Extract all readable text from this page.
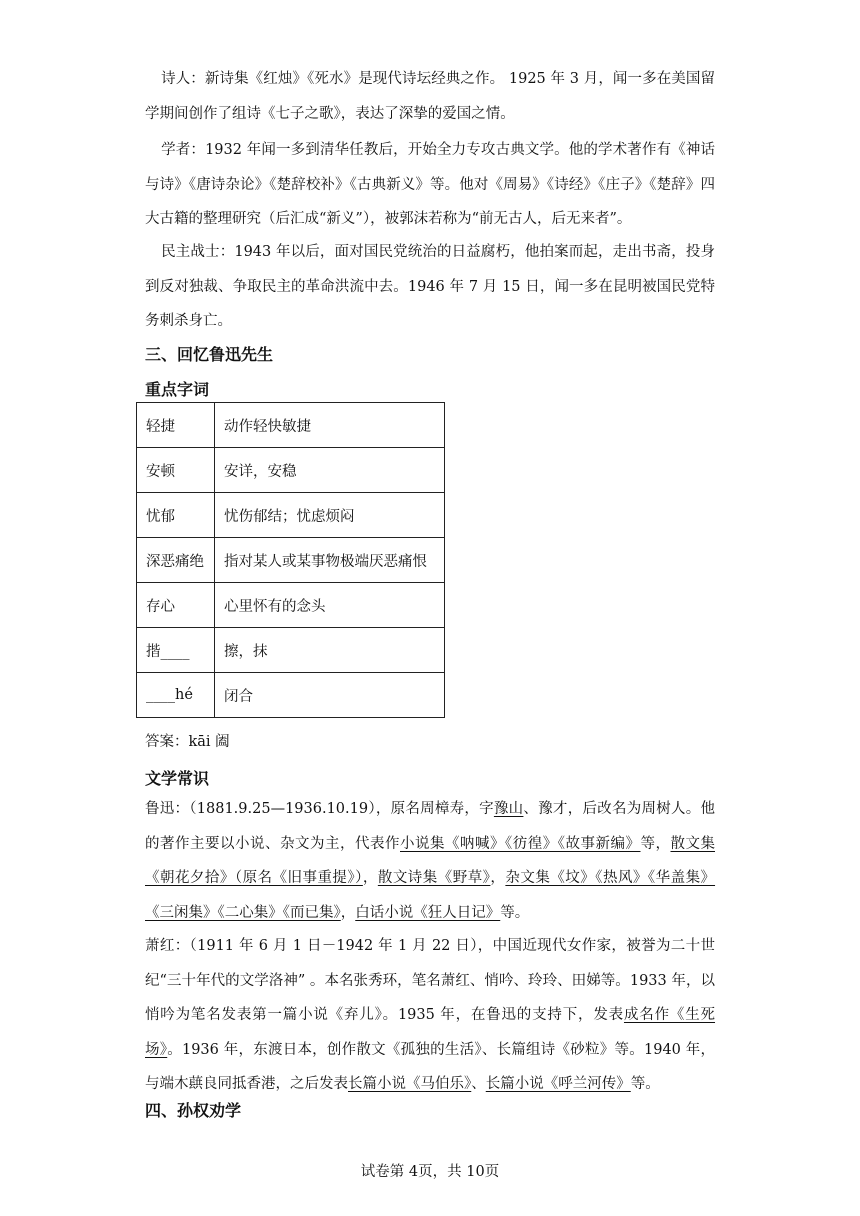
诗人：新诗集《红烛》《死水》是现代诗坛经典之作。 1925 年 3 月，闻一多在美国留学期间创作了组诗《七子之歌》，表达了深挚的爱国之情。

学者：1932 年闻一多到清华任教后，开始全力专攻古典文学。他的学术著作有《神话与诗》《唐诗杂论》《楚辞校补》《古典新义》等。他对《周易》《诗经》《庄子》《楚辞》四大古籍的整理研究（后汇成“新义”），被郭沫若称为“前无古人，后无来者”。

民主战士：1943 年以后，面对国民党统治的日益腐朽，他拍案而起，走出书斋，投身到反对独裁、争取民主的革命洪流中去。1946 年 7 月 15 日，闻一多在昆明被国民党特务刺杀身亡。

三、回忆鲁迅先生
重点字词
轻捷	动作轻快敏捷
安顿	安详，安稳
忧郁	忧伤郁结；忧虑烦闷
深恶痛绝	指对某人或某事物极端厌恶痛恨
存心	心里怀有的念头
揩____	擦，抹
____hé	闭合
答案：kāi 阖
文学常识

鲁迅：（1881.9.25—1936.10.19），原名周樟寿，字豫山、豫才，后改名为周树人。他的著作主要以小说、杂文为主，代表作小说集《呐喊》《彷徨》《故事新编》等，散文集《朝花夕拾》（原名《旧事重提》），散文诗集《野草》，杂文集《坟》《热风》《华盖集》《三闲集》《二心集》《而已集》，白话小说《狂人日记》等。

萧红：（1911 年 6 月 1 日－1942 年 1 月 22 日），中国近现代女作家，被誉为二十世纪“三十年代的文学洛神” 。本名张秀环，笔名萧红、悄吟、玲玲、田娣等。1933 年，以悄吟为笔名发表第一篇小说《弃儿》。1935 年，在鲁迅的支持下，发表成名作《生死场》。1936 年，东渡日本，创作散文《孤独的生活》、长篇组诗《砂粒》等。1940 年，与端木蕻良同抵香港，之后发表长篇小说《马伯乐》、长篇小说《呼兰河传》等。

四、孙权劝学
试卷第 4页，共 10页
